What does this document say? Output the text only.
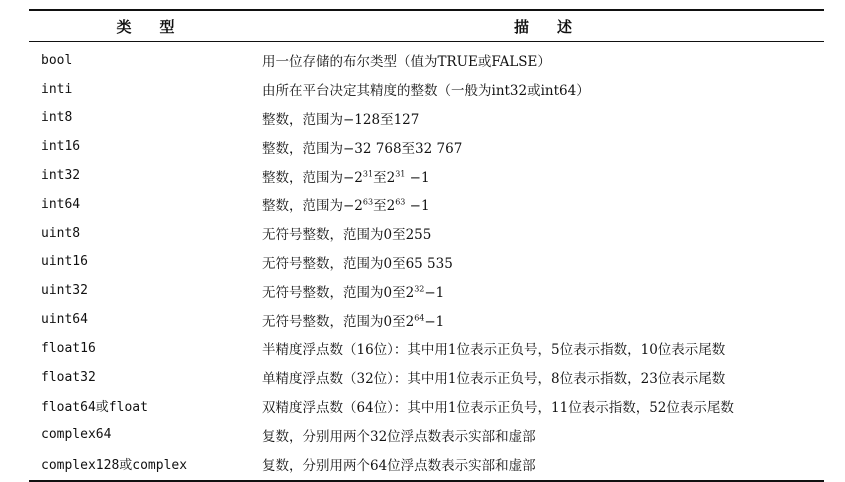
类型	描述
bool	用一位存储的布尔类型（值为TRUE或FALSE）
inti	由所在平台决定其精度的整数（一般为int32或int64）
int8	整数，范围为−128至127
int16	整数，范围为−32 768至32 767
int32	整数，范围为$-2^{31}$至$2^{31} -1$
int64	整数，范围为$-2^{63}$至$2^{63} -1$
uint8	无符号整数，范围为0至255
uint16	无符号整数，范围为0至65 535
uint32	无符号整数，范围为0至$2^{32}-1$
uint64	无符号整数，范围为0至$2^{64}-1$
float16	半精度浮点数（16位）：其中用1位表示正负号，5位表示指数，10位表示尾数
float32	单精度浮点数（32位）：其中用1位表示正负号，8位表示指数，23位表示尾数
float64或float	双精度浮点数（64位）：其中用1位表示正负号，11位表示指数，52位表示尾数
complex64	复数，分别用两个32位浮点数表示实部和虚部
complex128或complex	复数，分别用两个64位浮点数表示实部和虚部
